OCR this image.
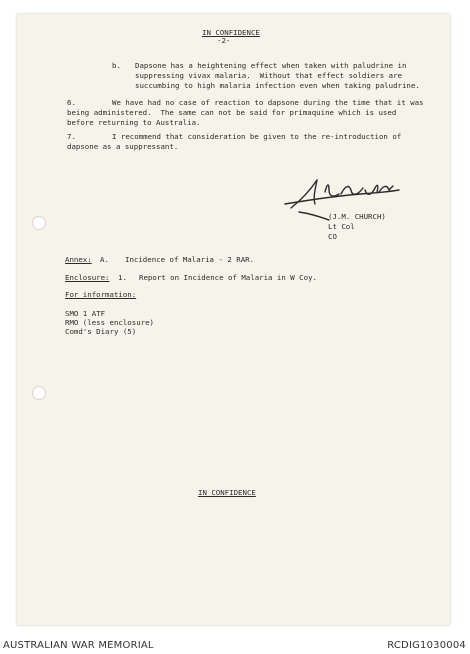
IN CONFIDENCE
-2-
b. Dapsone has a heightening effect when taken with paludrine in
suppressing vivax malaria.  Without that effect soldiers are
succumbing to high malaria infection even when taking paludrine.
6.	We have had no case of reaction to dapsone during the time that it was
being administered.  The same can not be said for primaquine which is used
before returning to Australia.
7.	I recommend that consideration be given to the re-introduction of
dapsone as a suppressant.
(J.M. CHURCH)
Lt Col
CO
Annex: A. Incidence of Malaria - 2 RAR.
Enclosure: 1. Report on Incidence of Malaria in W Coy.
For information:
SMO 1 ATF
RMO (less enclosure)
Comd's Diary (5)
IN CONFIDENCE
AUSTRALIAN WAR MEMORIAL	RCDIG1030004
